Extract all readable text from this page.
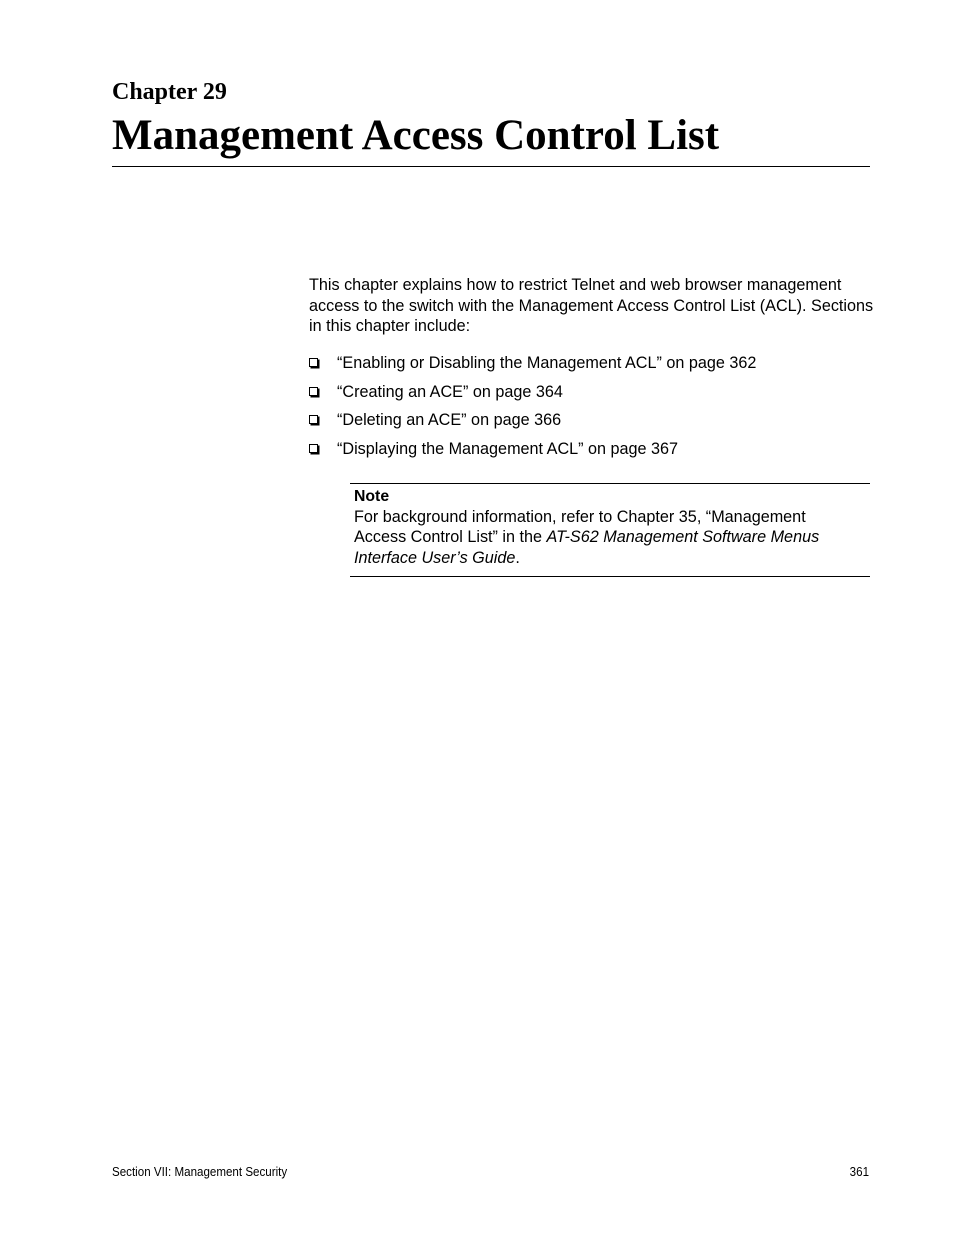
Chapter 29
Management Access Control List

This chapter explains how to restrict Telnet and web browser management access to the switch with the Management Access Control List (ACL). Sections in this chapter include:

“Enabling or Disabling the Management ACL” on page 362
“Creating an ACE” on page 364
“Deleting an ACE” on page 366
“Displaying the Management ACL” on page 367

Note

For background information, refer to Chapter 35, “Management Access Control List” in the AT-S62 Management Software Menus Interface User’s Guide.

Section VII: Management Security	361
